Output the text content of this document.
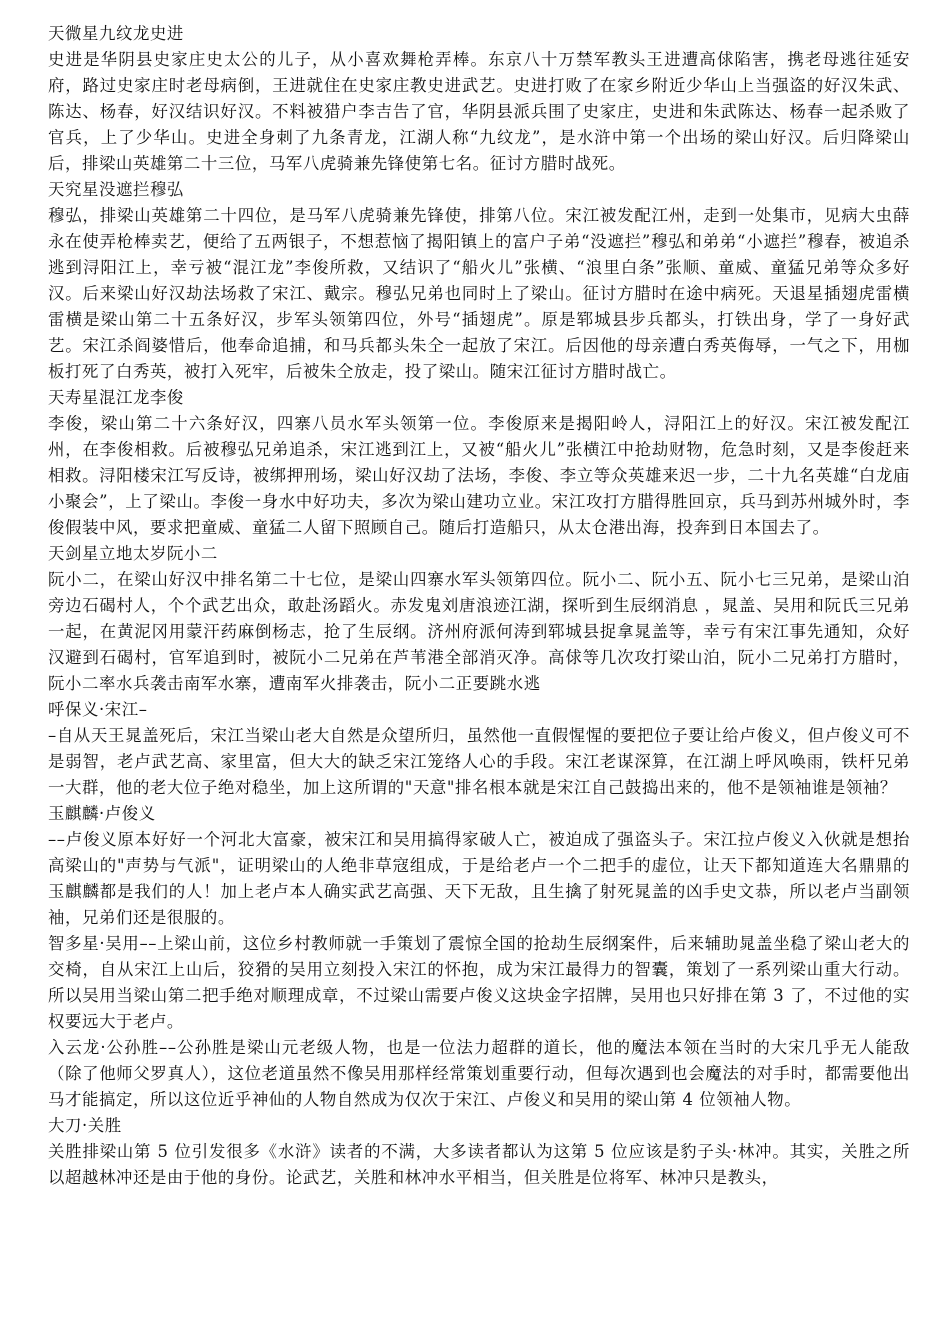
天微星九纹龙史进

史进是华阴县史家庄史太公的儿子，从小喜欢舞枪弄棒。东京八十万禁军教头王进遭高俅陷害，携老母逃往延安府，路过史家庄时老母病倒，王进就住在史家庄教史进武艺。史进打败了在家乡附近少华山上当强盗的好汉朱武、陈达、杨春，好汉结识好汉。不料被猎户李吉告了官，华阴县派兵围了史家庄，史进和朱武陈达、杨春一起杀败了官兵，上了少华山。史进全身刺了九条青龙，江湖人称“九纹龙”，是水浒中第一个出场的梁山好汉。后归降梁山后，排梁山英雄第二十三位，马军八虎骑兼先锋使第七名。征讨方腊时战死。

天究星没遮拦穆弘

穆弘，排梁山英雄第二十四位，是马军八虎骑兼先锋使，排第八位。宋江被发配江州，走到一处集市，见病大虫薛永在使弄枪棒卖艺，便给了五两银子，不想惹恼了揭阳镇上的富户子弟“没遮拦”穆弘和弟弟“小遮拦”穆春，被追杀逃到浔阳江上，幸亏被“混江龙”李俊所救，又结识了“船火儿”张横、“浪里白条”张顺、童威、童猛兄弟等众多好汉。后来梁山好汉劫法场救了宋江、戴宗。穆弘兄弟也同时上了梁山。征讨方腊时在途中病死。天退星插翅虎雷横雷横是梁山第二十五条好汉，步军头领第四位，外号“插翅虎”。原是郓城县步兵都头，打铁出身，学了一身好武艺。宋江杀阎婆惜后，他奉命追捕，和马兵都头朱仝一起放了宋江。后因他的母亲遭白秀英侮辱，一气之下，用枷板打死了白秀英，被打入死牢，后被朱仝放走，投了梁山。随宋江征讨方腊时战亡。

天寿星混江龙李俊

李俊，梁山第二十六条好汉，四寨八员水军头领第一位。李俊原来是揭阳岭人，浔阳江上的好汉。宋江被发配江州，在李俊相救。后被穆弘兄弟追杀，宋江逃到江上，又被“船火儿”张横江中抢劫财物，危急时刻，又是李俊赶来相救。浔阳楼宋江写反诗，被绑押刑场，梁山好汉劫了法场，李俊、李立等众英雄来迟一步，二十九名英雄“白龙庙小聚会”，上了梁山。李俊一身水中好功夫，多次为梁山建功立业。宋江攻打方腊得胜回京，兵马到苏州城外时，李俊假装中风，要求把童威、童猛二人留下照顾自己。随后打造船只，从太仓港出海，投奔到日本国去了。

天剑星立地太岁阮小二

阮小二，在梁山好汉中排名第二十七位，是梁山四寨水军头领第四位。阮小二、阮小五、阮小七三兄弟，是梁山泊旁边石碣村人，个个武艺出众，敢赴汤蹈火。赤发鬼刘唐浪迹江湖，探听到生辰纲消息 ，晁盖、吴用和阮氏三兄弟一起，在黄泥冈用蒙汗药麻倒杨志，抢了生辰纲。济州府派何涛到郓城县捉拿晁盖等，幸亏有宋江事先通知，众好汉避到石碣村，官军追到时，被阮小二兄弟在芦苇港全部消灭净。高俅等几次攻打梁山泊，阮小二兄弟打方腊时，阮小二率水兵袭击南军水寨，遭南军火排袭击，阮小二正要跳水逃

呼保义·宋江–

–自从天王晁盖死后，宋江当梁山老大自然是众望所归，虽然他一直假惺惺的要把位子要让给卢俊义，但卢俊义可不是弱智，老卢武艺高、家里富，但大大的缺乏宋江笼络人心的手段。宋江老谋深算，在江湖上呼风唤雨，铁杆兄弟一大群，他的老大位子绝对稳坐，加上这所谓的"天意"排名根本就是宋江自己鼓捣出来的，他不是领袖谁是领袖？

玉麒麟·卢俊义

––卢俊义原本好好一个河北大富豪，被宋江和吴用搞得家破人亡，被迫成了强盗头子。宋江拉卢俊义入伙就是想抬高梁山的"声势与气派"，证明梁山的人绝非草寇组成，于是给老卢一个二把手的虚位，让天下都知道连大名鼎鼎的玉麒麟都是我们的人！加上老卢本人确实武艺高强、天下无敌，且生擒了射死晁盖的凶手史文恭，所以老卢当副领袖，兄弟们还是很服的。

智多星·吴用––上梁山前，这位乡村教师就一手策划了震惊全国的抢劫生辰纲案件，后来辅助晁盖坐稳了梁山老大的交椅，自从宋江上山后，狡猾的吴用立刻投入宋江的怀抱，成为宋江最得力的智囊，策划了一系列梁山重大行动。所以吴用当梁山第二把手绝对顺理成章，不过梁山需要卢俊义这块金字招牌，吴用也只好排在第 3 了，不过他的实权要远大于老卢。

入云龙·公孙胜––公孙胜是梁山元老级人物，也是一位法力超群的道长，他的魔法本领在当时的大宋几乎无人能敌（除了他师父罗真人），这位老道虽然不像吴用那样经常策划重要行动，但每次遇到也会魔法的对手时，都需要他出马才能搞定，所以这位近乎神仙的人物自然成为仅次于宋江、卢俊义和吴用的梁山第 4 位领袖人物。

大刀·关胜

关胜排梁山第 5 位引发很多《水浒》读者的不满，大多读者都认为这第 5 位应该是豹子头·林冲。其实，关胜之所以超越林冲还是由于他的身份。论武艺，关胜和林冲水平相当，但关胜是位将军、林冲只是教头，
